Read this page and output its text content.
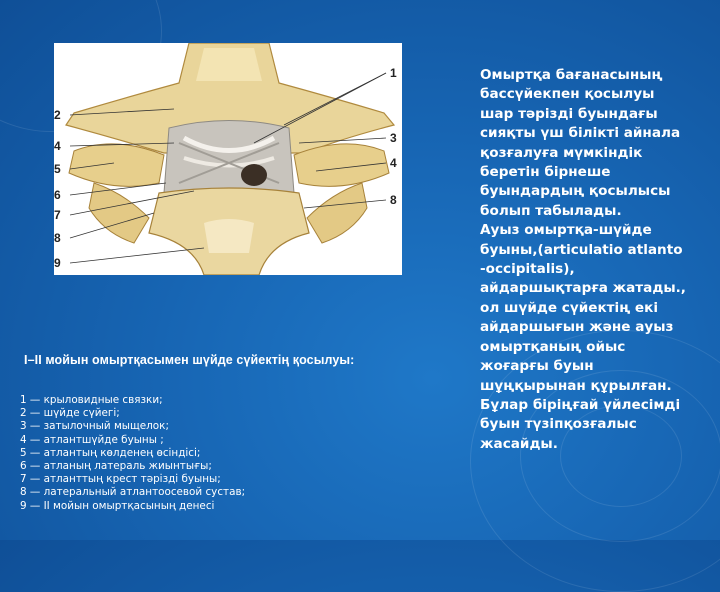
2
4
5
6
7
8
9
1
3
4
8
I–II мойын омыртқасымен шүйде сүйектің қосылуы:
1 — крыловидные связки;
2 — шүйде сүйегі;
3 — затылочный мыщелок;
4 — атлантшүйде буыны ;
5 — атлантың көлденең өсіндісі;
6 — атланың латераль жиынтығы;
7 — атланттың крест тәрізді буыны;
8 — латеральный атлантоосевой сустав;
9 — II мойын омыртқасының денесі
Омыртқа бағанасының
бассүйекпен қосылуы
шар тәрізді буындағы
сияқты үш білікті айнала
қозғалуға мүмкіндік
беретін бірнеше
буындардың қосылысы
болып табылады.
Ауыз омыртқа-шүйде
буыны,(articulatio atlanto
-occipitalis),
айдаршықтарға жатады.,
ол шүйде сүйектің екі
айдаршығын және ауыз
омыртқаның ойыс
жоғарғы буын
шұңқырынан құрылған.
Бұлар біріңғай үйлесімді
буын түзіпқозғалыс
жасайды.
